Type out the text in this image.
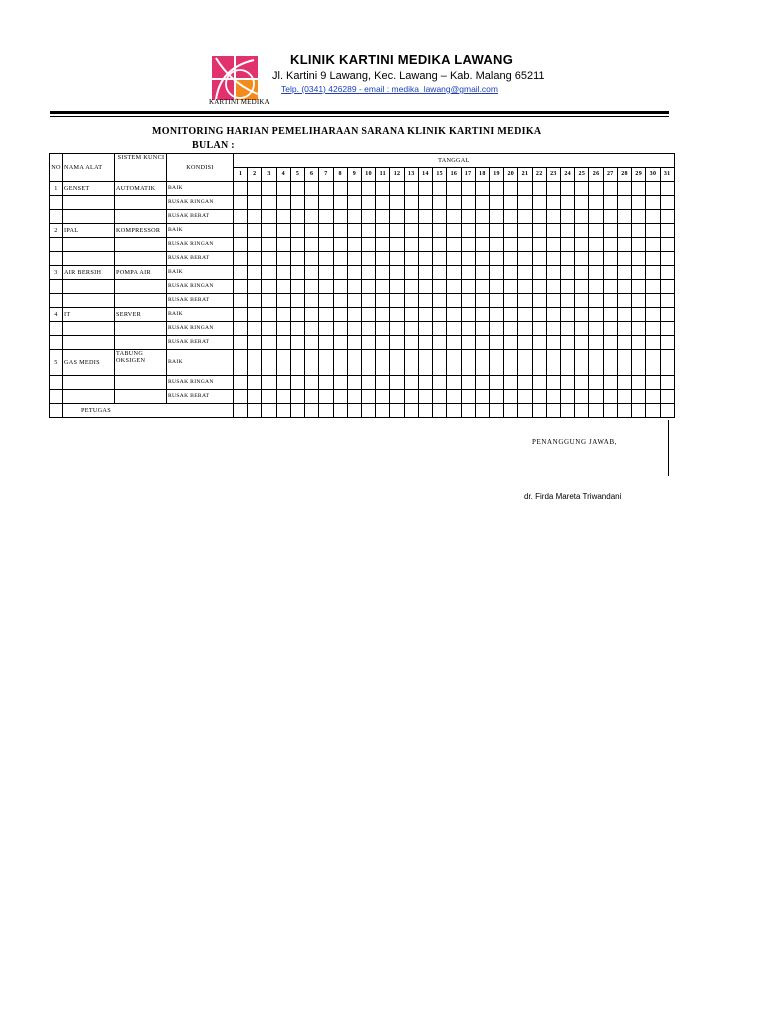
KARTINI MEDIKA
KLINIK KARTINI MEDIKA LAWANG
Jl. Kartini 9 Lawang, Kec. Lawang – Kab. Malang 65211
Telp. (0341) 426289 - email : medika_lawang@gmail.com
MONITORING HARIAN PEMELIHARAAN SARANA KLINIK KARTINI MEDIKA
BULAN :
NO	NAMA ALAT	SISTEM KUNCI	KONDISI	TANGGAL																														
				1	2	3	4	5	6	7	8	9	10	11	12	13	14	15	16	17	18	19	20	21	22	23	24	25	26	27	28	29	30	31
1	GENSET	AUTOMATIK	BAIK																															
			RUSAK RINGAN																															
			RUSAK BERAT																															
2	IPAL	KOMPRESSOR	BAIK																															
			RUSAK RINGAN																															
			RUSAK BERAT																															
3	AIR BERSIH	POMPA AIR	BAIK																															
			RUSAK RINGAN																															
			RUSAK BERAT																															
4	IT	SERVER	BAIK																															
			RUSAK RINGAN																															
			RUSAK BERAT																															
5	GAS MEDIS	TABUNG OKSIGEN	BAIK																															
			RUSAK RINGAN																															
			RUSAK BERAT																															
	PETUGAS																																	
PENANGGUNG JAWAB,
dr. Firda Mareta Triwandani
